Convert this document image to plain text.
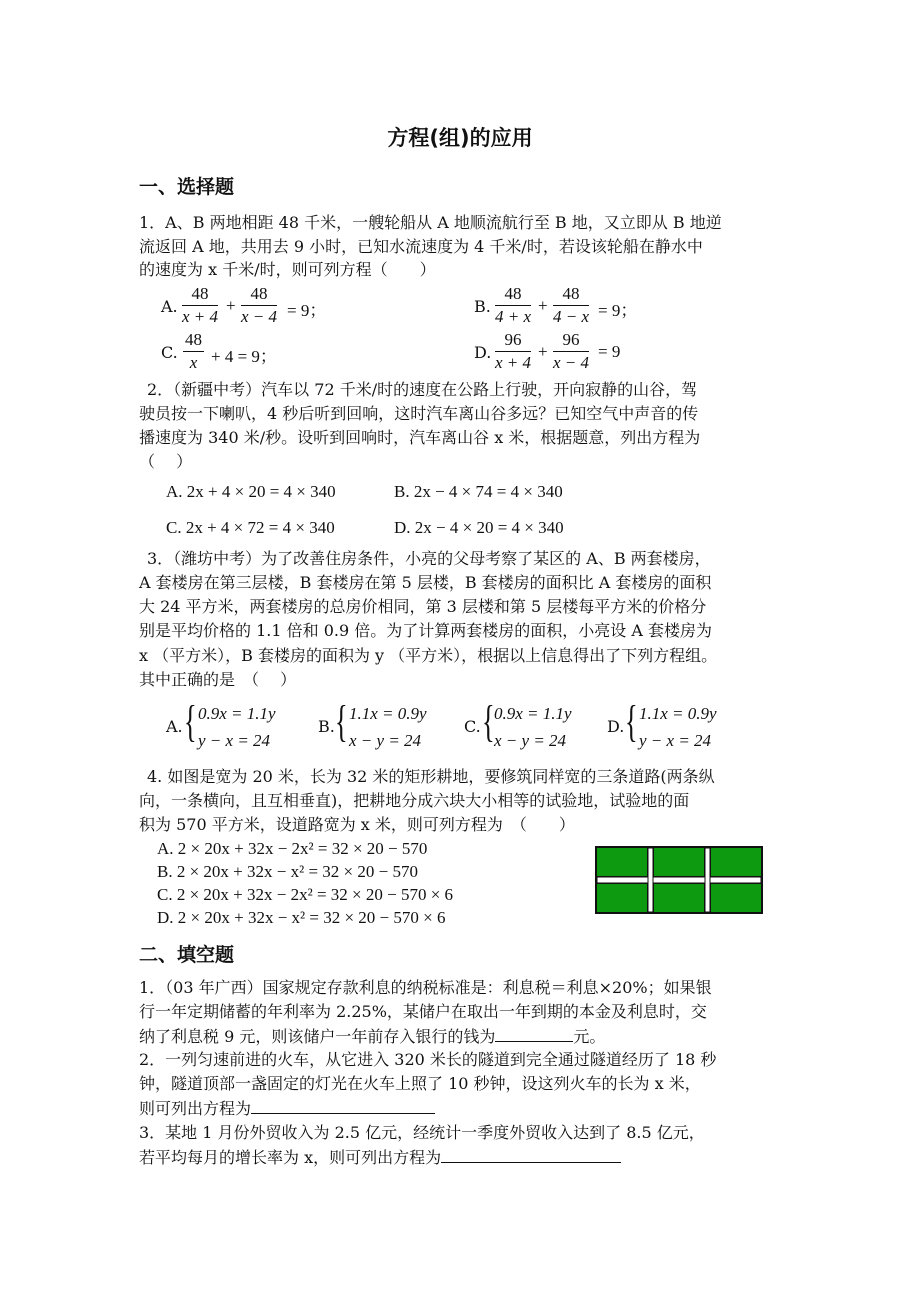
方程(组)的应用
一、选择题
1．A、B 两地相距 48 千米，一艘轮船从 A 地顺流航行至 B 地，又立即从 B 地逆
流返回 A 地，共用去 9 小时，已知水流速度为 4 千米/时，若设该轮船在静水中
的速度为 x 千米/时，则可列方程（　　）
A. $\frac{48}{x + 4} + \frac{48}{x - 4} = 9$；	B. $\frac{48}{4 + x} + \frac{48}{4 - x} = 9$；
C. $\frac{48}{x} + 4 = 9$；	D. $\frac{96}{x + 4} + \frac{96}{x - 4} = 9$
2．（新疆中考）汽车以 72 千米/时的速度在公路上行驶，开向寂静的山谷，驾
驶员按一下喇叭，4 秒后听到回响，这时汽车离山谷多远？已知空气中声音的传
播速度为 340 米/秒。设听到回响时，汽车离山谷 x 米，根据题意，列出方程为
（　 ）
A. 2x + 4 × 20 = 4 × 340	B. 2x − 4 × 74 = 4 × 340
C. 2x + 4 × 72 = 4 × 340	D. 2x − 4 × 20 = 4 × 340
3．（潍坊中考）为了改善住房条件，小亮的父母考察了某区的 A、B 两套楼房，
A 套楼房在第三层楼，B 套楼房在第 5 层楼，B 套楼房的面积比 A 套楼房的面积
大 24 平方米，两套楼房的总房价相同，第 3 层楼和第 5 层楼每平方米的价格分
别是平均价格的 1.1 倍和 0.9 倍。为了计算两套楼房的面积，小亮设 A 套楼房为
x （平方米），B 套楼房的面积为 y （平方米），根据以上信息得出了下列方程组。
其中正确的是　（　 ）
A. { 0.9x = 1.1y
y − x = 24
B. { 1.1x = 0.9y
x − y = 24
C. { 0.9x = 1.1y
x − y = 24
D. { 1.1x = 0.9y
y − x = 24
4. 如图是宽为 20 米，长为 32 米的矩形耕地，要修筑同样宽的三条道路(两条纵
向，一条横向，且互相垂直)，把耕地分成六块大小相等的试验地，试验地的面
积为 570 平方米，设道路宽为 x 米，则可列方程为　（　　）
A. 2 × 20x + 32x − 2x² = 32 × 20 − 570
B. 2 × 20x + 32x − x² = 32 × 20 − 570
C. 2 × 20x + 32x − 2x² = 32 × 20 − 570 × 6
D. 2 × 20x + 32x − x² = 32 × 20 − 570 × 6
二、填空题
1．（03 年广西）国家规定存款利息的纳税标准是：利息税＝利息×20%；如果银
行一年定期储蓄的年利率为 2.25%，某储户在取出一年到期的本金及利息时，交
纳了利息税 9 元，则该储户一年前存入银行的钱为	元。
2．一列匀速前进的火车，从它进入 320 米长的隧道到完全通过隧道经历了 18 秒
钟，隧道顶部一盏固定的灯光在火车上照了 10 秒钟，设这列火车的长为 x 米，
则可列出方程为
3．某地 1 月份外贸收入为 2.5 亿元，经统计一季度外贸收入达到了 8.5 亿元，
若平均每月的增长率为 x，则可列出方程为
